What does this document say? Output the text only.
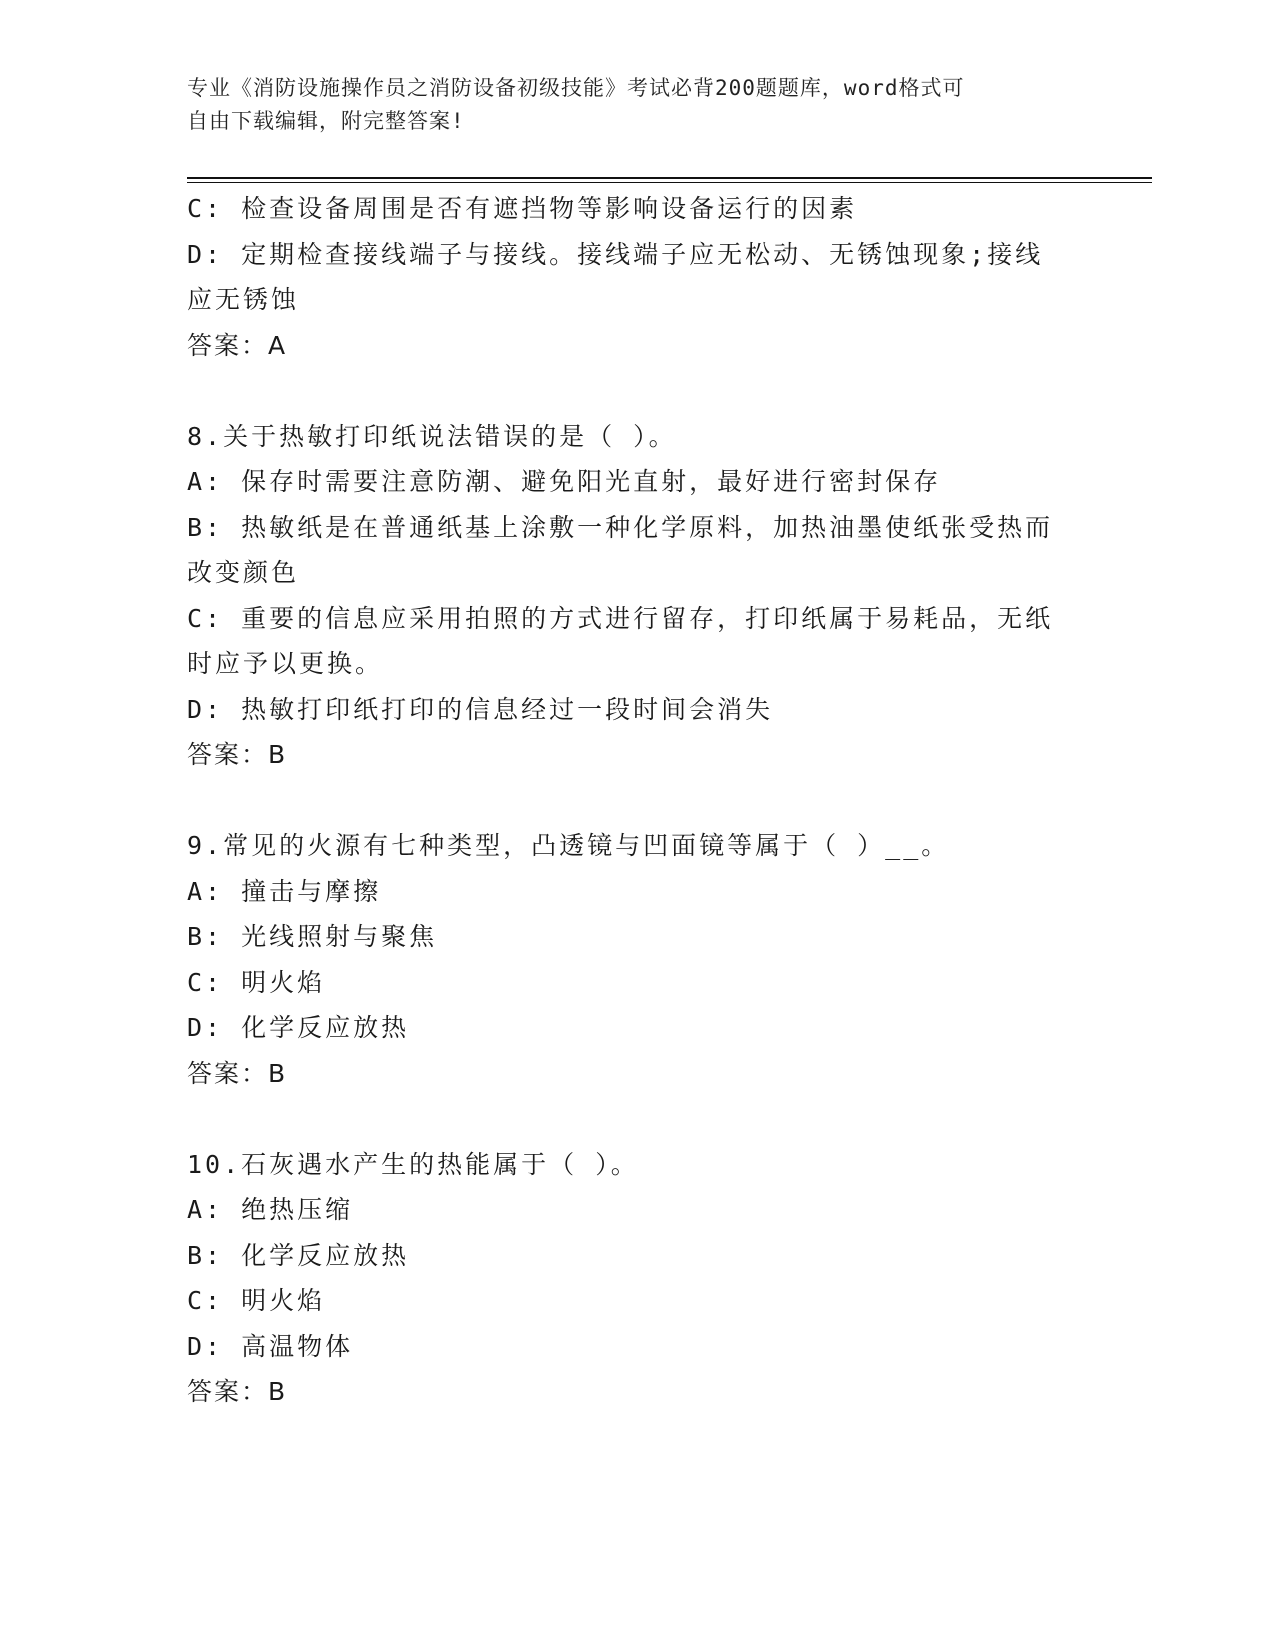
专业《消防设施操作员之消防设备初级技能》考试必背200题题库，word格式可
自由下载编辑，附完整答案!
C: 检查设备周围是否有遮挡物等影响设备运行的因素
D: 定期检查接线端子与接线。接线端子应无松动、无锈蚀现象;接线
应无锈蚀
答案：A
8.关于热敏打印纸说法错误的是（ ）。
A: 保存时需要注意防潮、避免阳光直射，最好进行密封保存
B: 热敏纸是在普通纸基上涂敷一种化学原料，加热油墨使纸张受热而
改变颜色
C: 重要的信息应采用拍照的方式进行留存，打印纸属于易耗品，无纸
时应予以更换。
D: 热敏打印纸打印的信息经过一段时间会消失
答案：B
9.常见的火源有七种类型，凸透镜与凹面镜等属于（ ）__。
A: 撞击与摩擦
B: 光线照射与聚焦
C: 明火焰
D: 化学反应放热
答案：B
10.石灰遇水产生的热能属于（ ）。
A: 绝热压缩
B: 化学反应放热
C: 明火焰
D: 高温物体
答案：B
